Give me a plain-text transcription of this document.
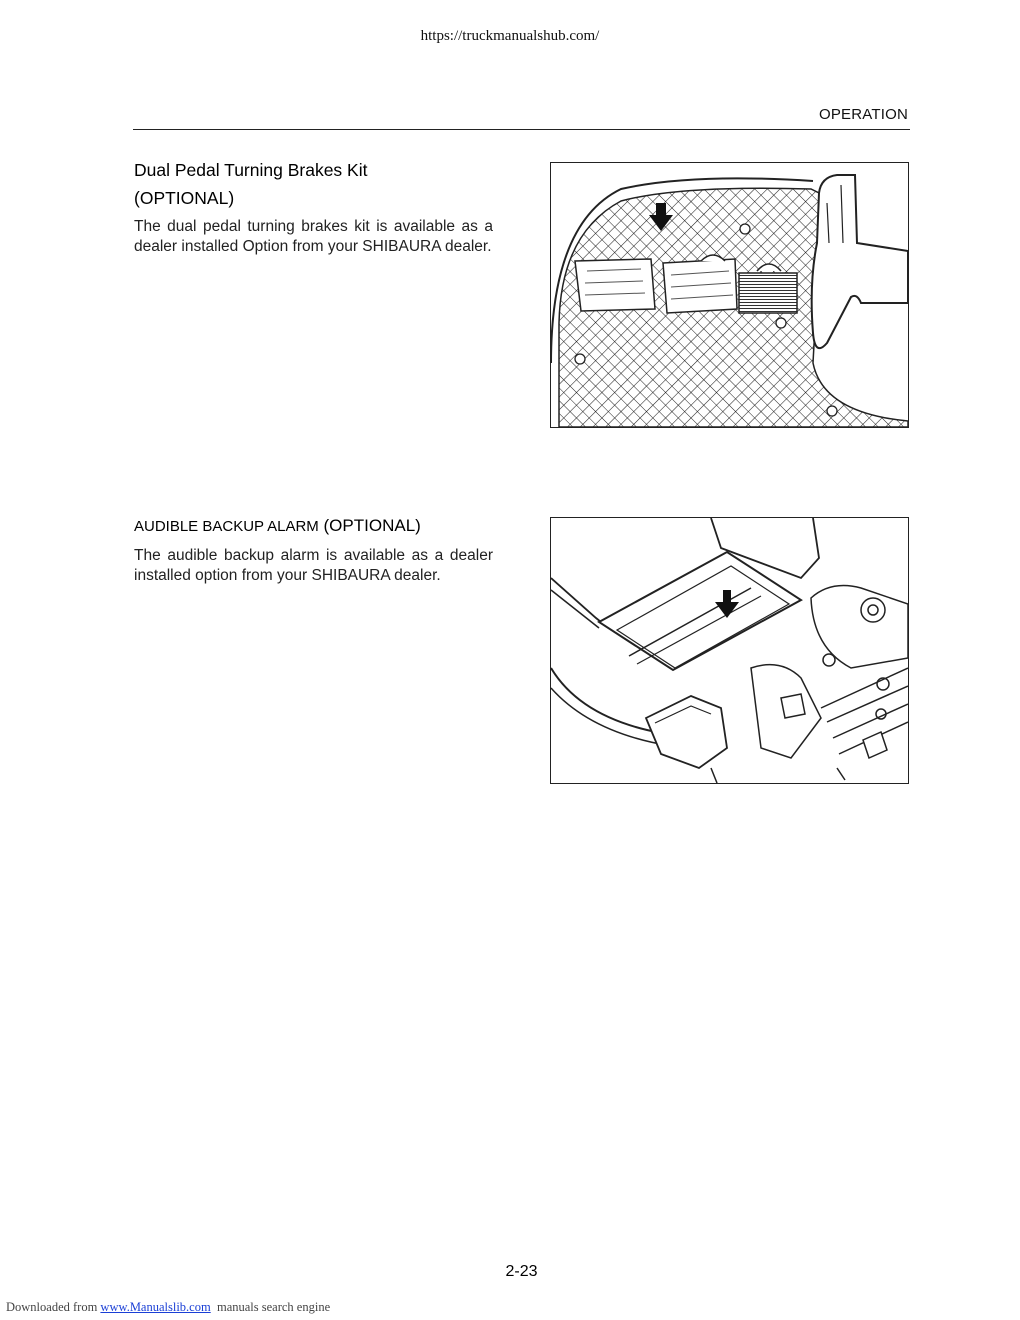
https://truckmanualshub.com/
OPERATION
Dual Pedal Turning Brakes Kit
(OPTIONAL)

The dual pedal turning brakes kit is available as a dealer installed Option from your SHIBAURA dealer.

AUDIBLE BACKUP ALARM (OPTIONAL)

The audible backup alarm is available as a dealer installed option from your SHIBAURA dealer.

2-23
Downloaded from www.Manualslib.com  manuals search engine
